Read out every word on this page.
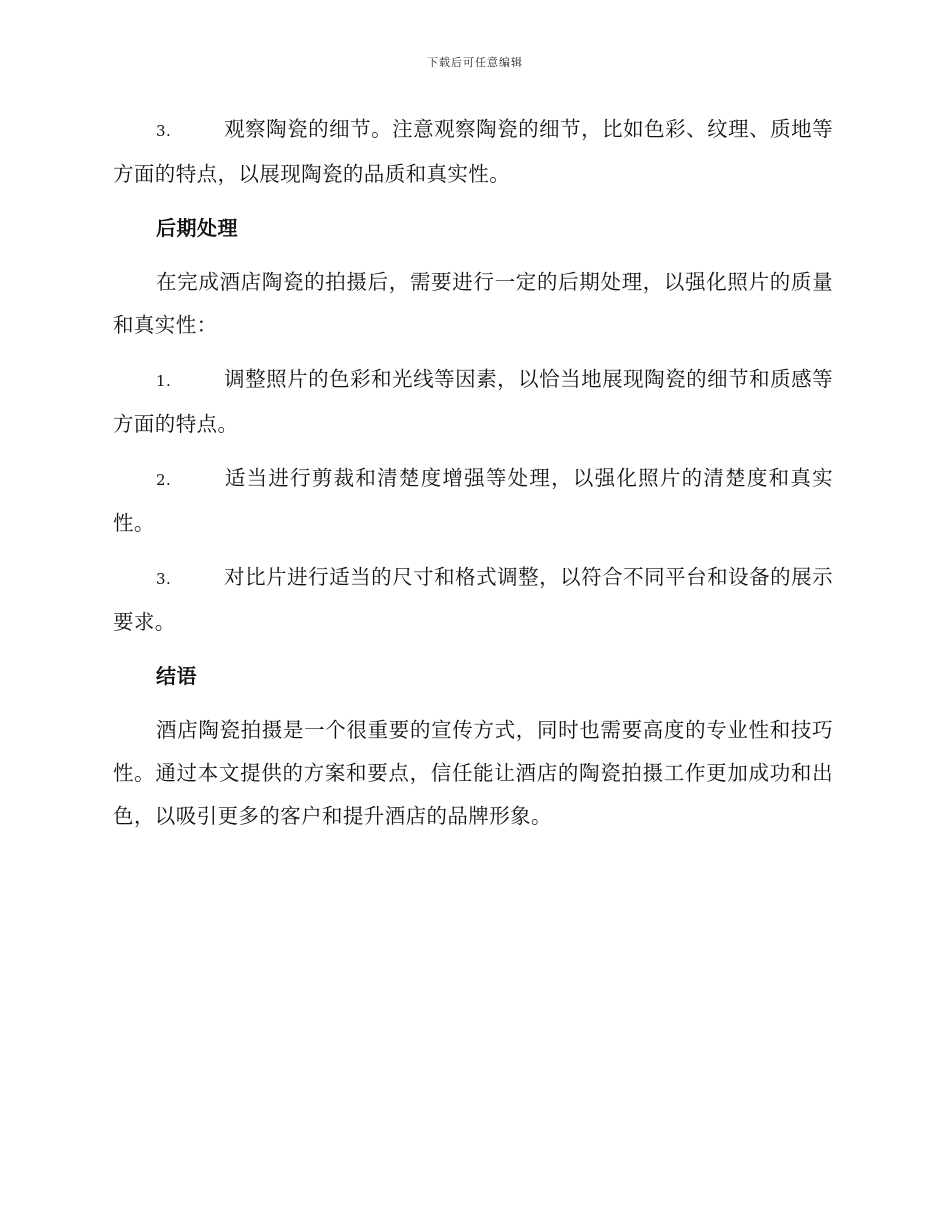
下载后可任意编辑

3.	观察陶瓷的细节。注意观察陶瓷的细节，比如色彩、纹理、质地等方面的特点，以展现陶瓷的品质和真实性。

后期处理

在完成酒店陶瓷的拍摄后，需要进行一定的后期处理，以强化照片的质量和真实性：

1.	调整照片的色彩和光线等因素，以恰当地展现陶瓷的细节和质感等方面的特点。

2.	适当进行剪裁和清楚度增强等处理，以强化照片的清楚度和真实性。

3.	对比片进行适当的尺寸和格式调整，以符合不同平台和设备的展示要求。

结语

酒店陶瓷拍摄是一个很重要的宣传方式，同时也需要高度的专业性和技巧性。通过本文提供的方案和要点，信任能让酒店的陶瓷拍摄工作更加成功和出色，以吸引更多的客户和提升酒店的品牌形象。
